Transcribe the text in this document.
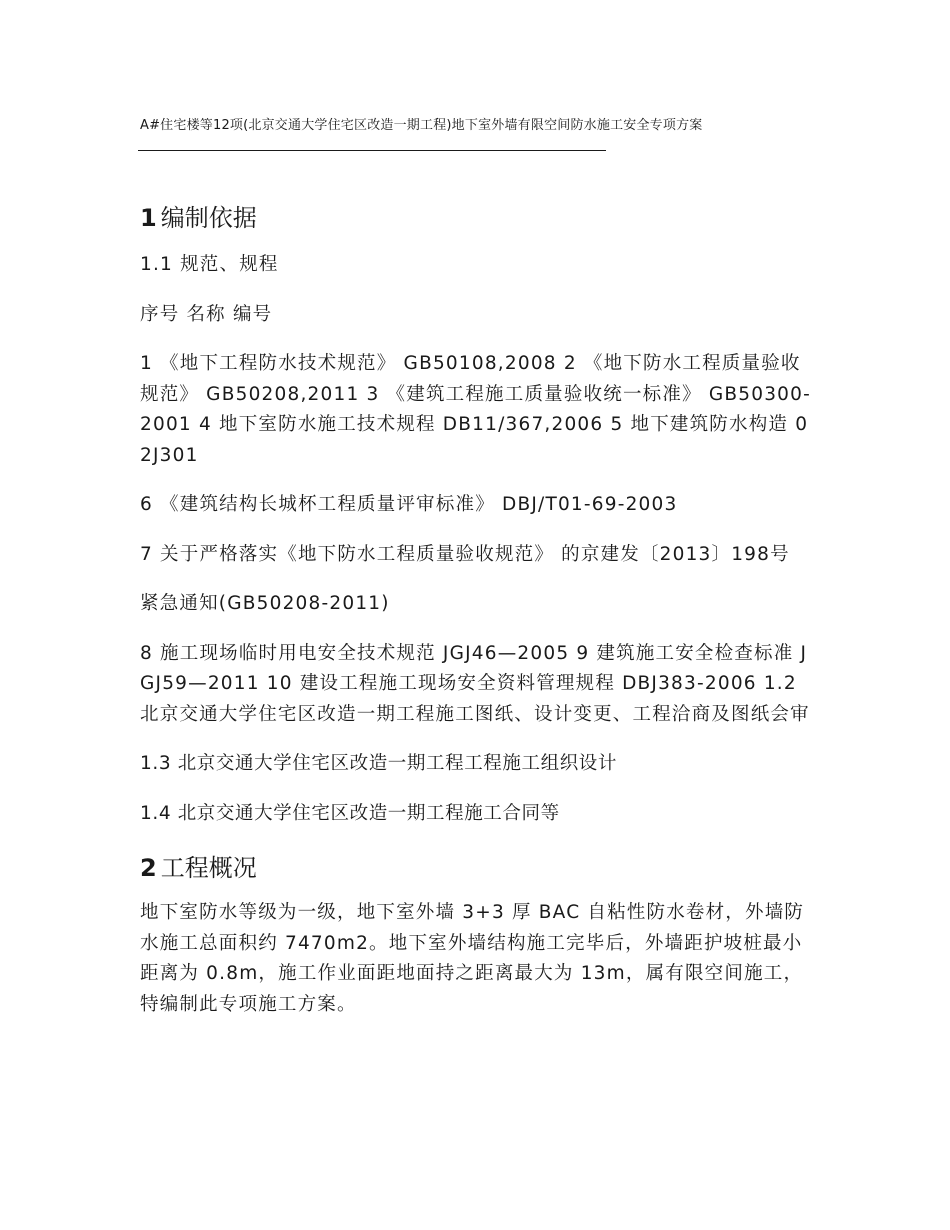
A#住宅楼等12项(北京交通大学住宅区改造一期工程)地下室外墙有限空间防水施工安全专项方案
1 编制依据

1.1 规范、规程

序号 名称 编号

1 《地下工程防水技术规范》 GB50108,2008 2 《地下防水工程质量验收规范》 GB50208,2011 3 《建筑工程施工质量验收统一标准》 GB50300-2001 4 地下室防水施工技术规程 DB11/367,2006 5 地下建筑防水构造 02J301

6 《建筑结构长城杯工程质量评审标准》 DBJ/T01-69-2003

7 关于严格落实《地下防水工程质量验收规范》 的京建发〔2013〕198号

紧急通知(GB50208-2011)

8 施工现场临时用电安全技术规范 JGJ46—2005 9 建筑施工安全检查标准 JGJ59—2011 10 建设工程施工现场安全资料管理规程 DBJ383-2006 1.2 北京交通大学住宅区改造一期工程施工图纸、设计变更、工程洽商及图纸会审

1.3 北京交通大学住宅区改造一期工程工程施工组织设计

1.4 北京交通大学住宅区改造一期工程施工合同等

2 工程概况

地下室防水等级为一级，地下室外墙 3+3 厚 BAC 自粘性防水卷材，外墙防水施工总面积约 7470m2。地下室外墙结构施工完毕后，外墙距护坡桩最小距离为 0.8m，施工作业面距地面持之距离最大为 13m，属有限空间施工，特编制此专项施工方案。
